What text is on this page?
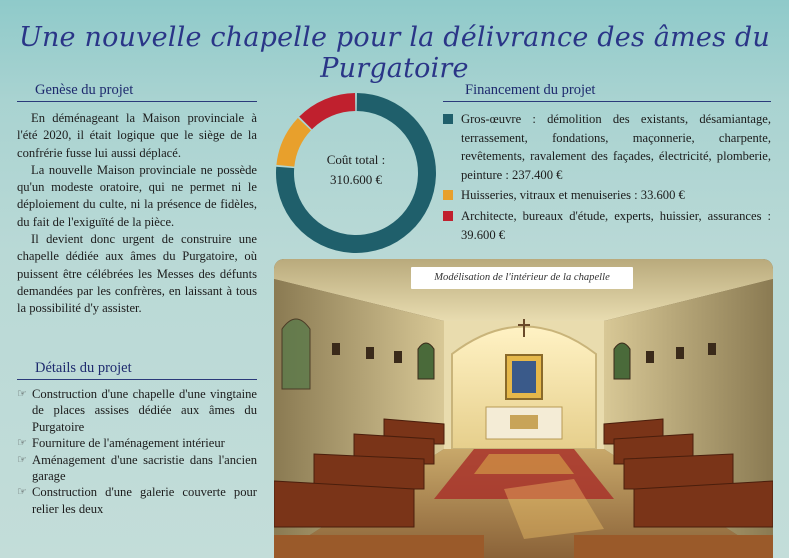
Une nouvelle chapelle pour la délivrance des âmes du Purgatoire
Genèse du projet

En déménageant la Maison provinciale à l'été 2020, il était logique que le siège de la confrérie fusse lui aussi déplacé.

La nouvelle Maison provinciale ne possède qu'un modeste oratoire, qui ne permet ni le déploiement du culte, ni la présence de fidèles, du fait de l'exiguïté de la pièce.

Il devient donc urgent de construire une chapelle dédiée aux âmes du Purgatoire, où puissent être célébrées les Messes des défunts demandées par les confrères, en laissant à tous la possibilité d'y assister.

Détails du projet
☞ Construction d'une chapelle d'une vingtaine de places assises dédiée aux âmes du Purgatoire
☞ Fourniture de l'aménagement intérieur
☞ Aménagement d'une sacristie dans l'ancien garage
☞ Construction d'une galerie couverte pour relier les deux
Coût total :
310.600 €
Financement du projet
Gros-œuvre : démolition des existants, désamiantage, terrassement, fondations, maçonnerie, charpente, revêtements, ravalement des façades, électricité, plomberie, peinture : 237.400 €
Huisseries, vitraux et menuiseries : 33.600 €
Architecte, bureaux d'étude, experts, huissier, assurances : 39.600 €
Modélisation de l'intérieur de la chapelle
